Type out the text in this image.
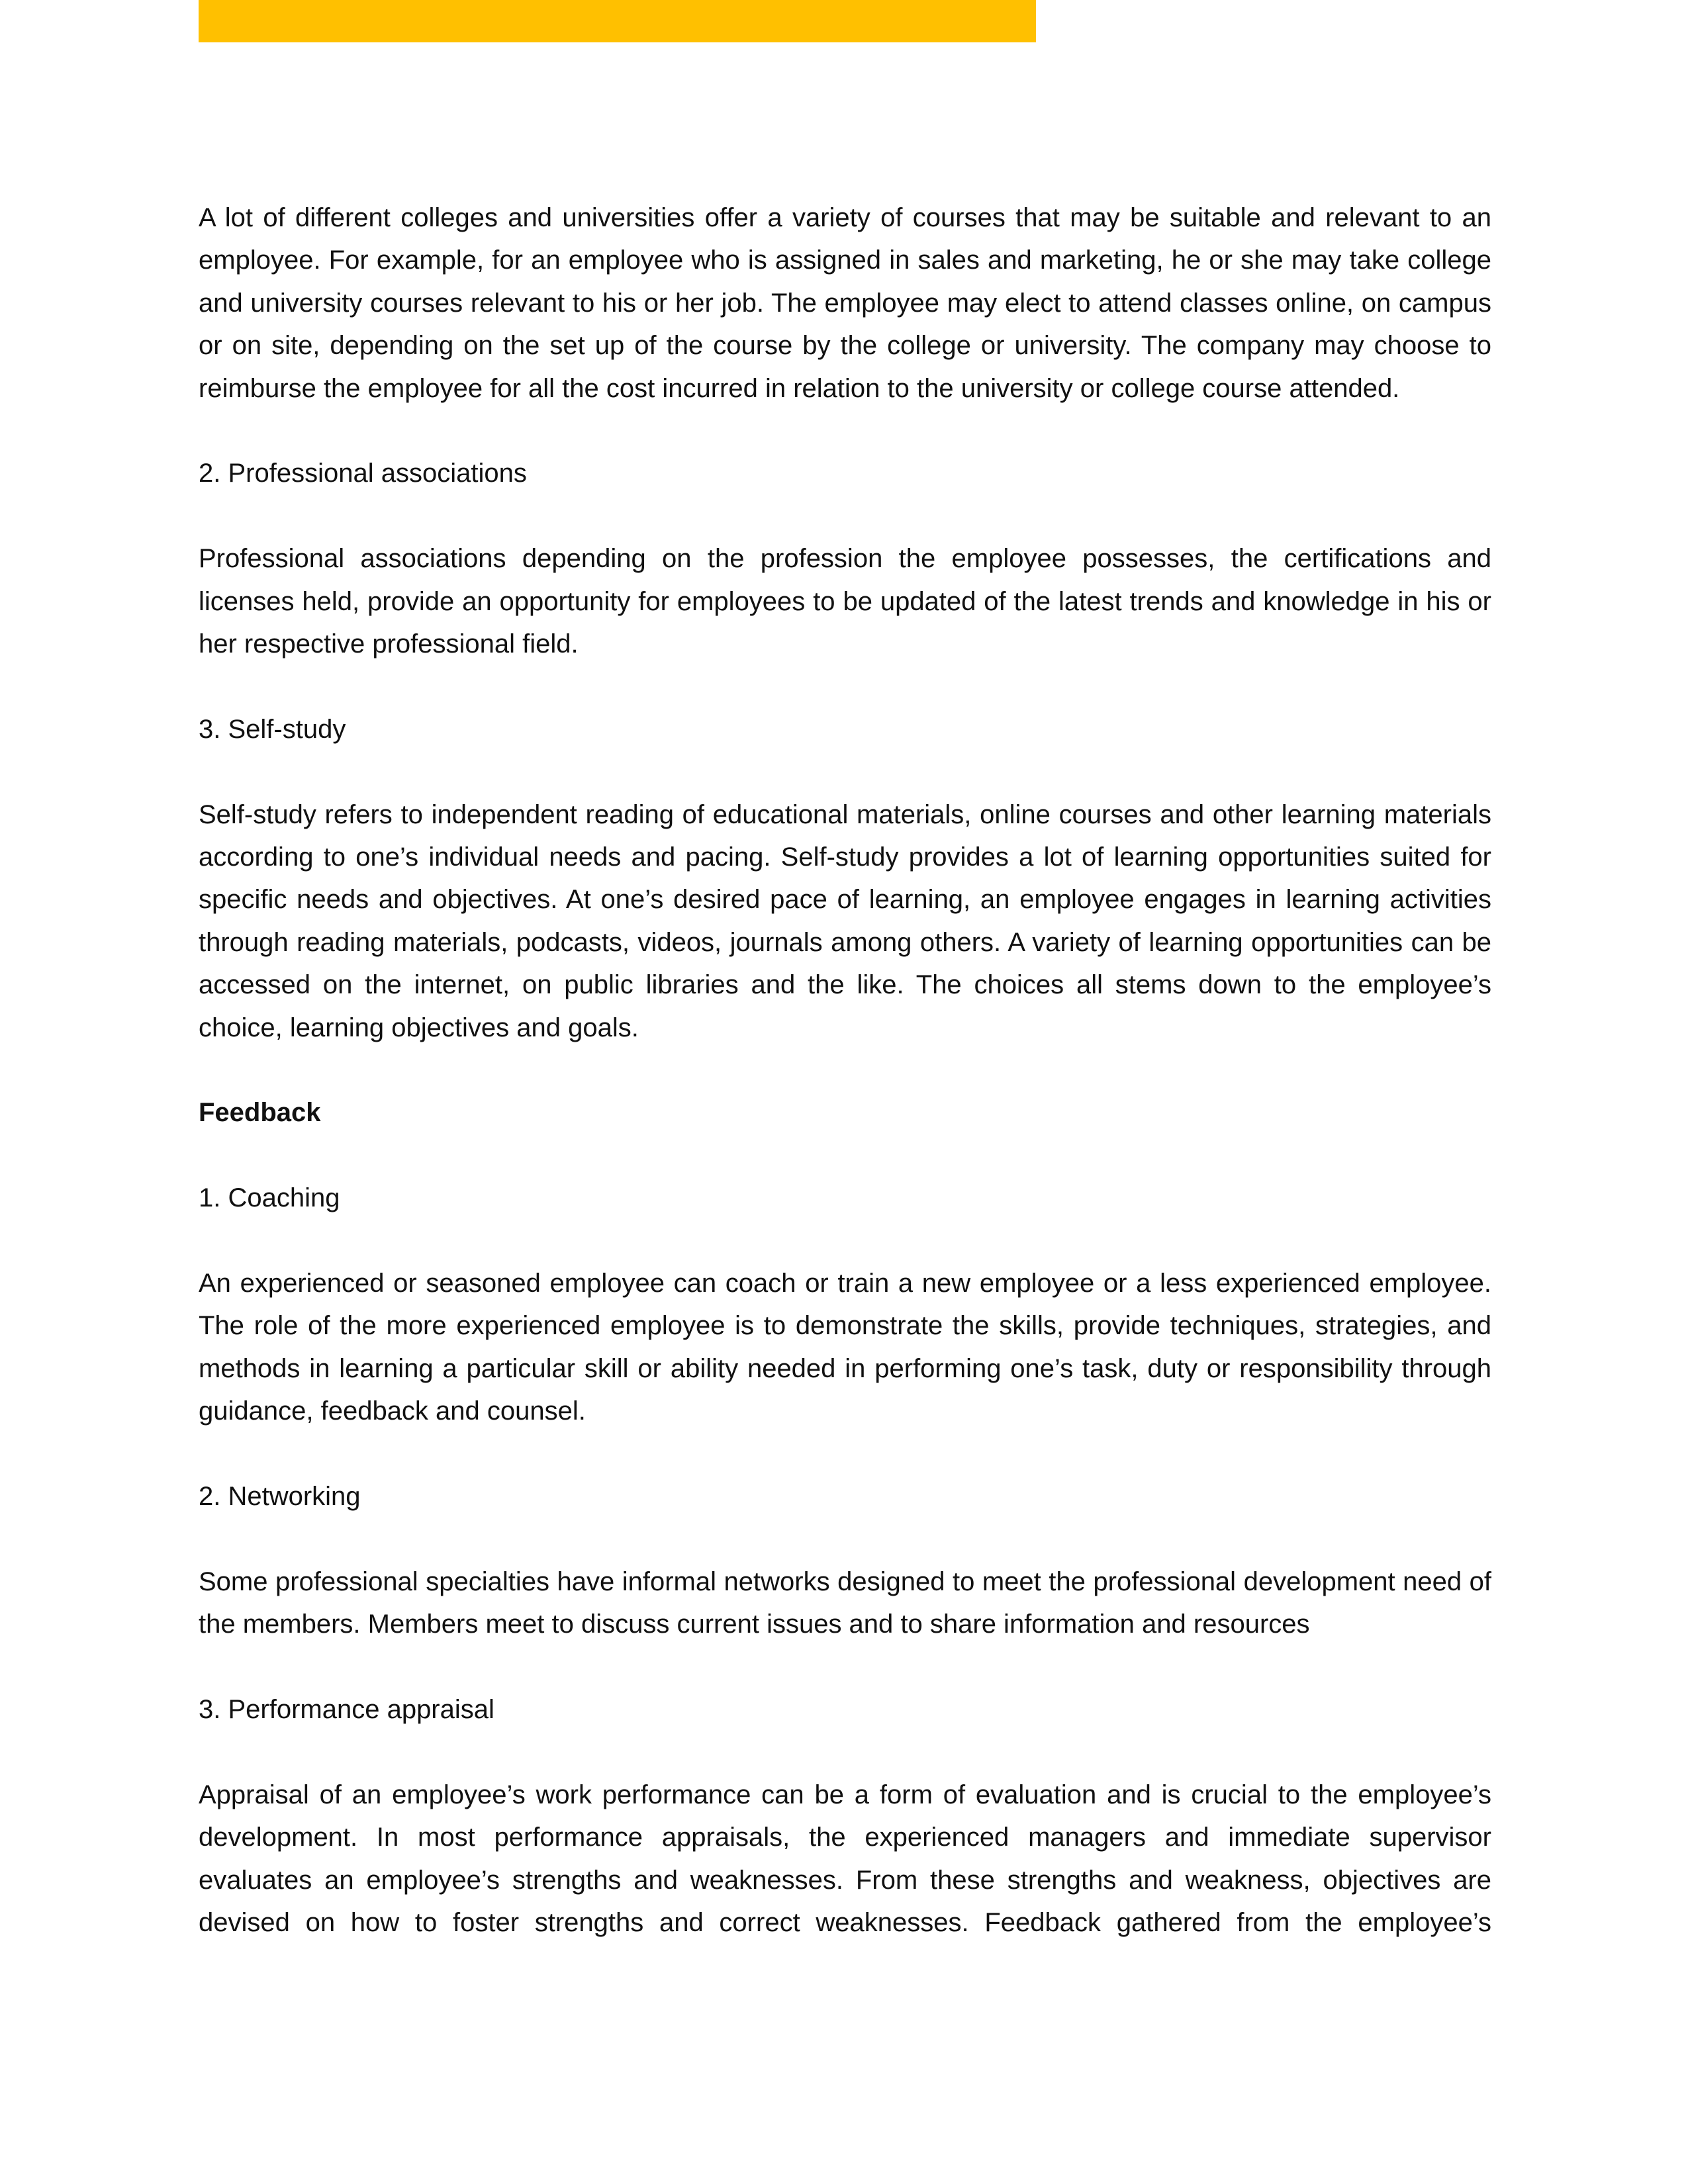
A lot of different colleges and universities offer a variety of courses that may be suitable and relevant to an employee. For example, for an employee who is assigned in sales and marketing, he or she may take college and university courses relevant to his or her job. The employee may elect to attend classes online, on campus or on site, depending on the set up of the course by the college or university. The company may choose to reimburse the employee for all the cost incurred in relation to the university or college course attended.

2. Professional associations

Professional associations depending on the profession the employee possesses, the certifications and licenses held, provide an opportunity for employees to be updated of the latest trends and knowledge in his or her respective professional field.

3. Self-study

Self-study refers to independent reading of educational materials, online courses and other learning materials according to one’s individual needs and pacing. Self-study provides a lot of learning opportunities suited for specific needs and objectives. At one’s desired pace of learning, an employee engages in learning activities through reading materials, podcasts, videos, journals among others. A variety of learning opportunities can be accessed on the internet, on public libraries and the like. The choices all stems down to the employee’s choice, learning objectives and goals.

Feedback

1. Coaching

An experienced or seasoned employee can coach or train a new employee or a less experienced employee. The role of the more experienced employee is to demonstrate the skills, provide techniques, strategies, and methods in learning a particular skill or ability needed in performing one’s task, duty or responsibility through guidance, feedback and counsel.

2. Networking

Some professional specialties have informal networks designed to meet the professional development need of the members. Members meet to discuss current issues and to share information and resources

3. Performance appraisal

Appraisal of an employee’s work performance can be a form of evaluation and is crucial to the employee’s development. In most performance appraisals, the experienced managers and immediate supervisor evaluates an employee’s strengths and weaknesses. From these strengths and weakness, objectives are devised on how to foster strengths and correct weaknesses. Feedback gathered from the employee’s
